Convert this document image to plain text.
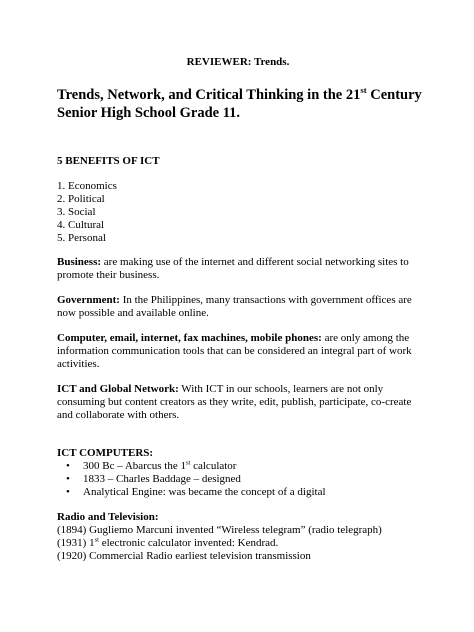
REVIEWER: Trends.

Trends, Network, and Critical Thinking in the 21st Century
Senior High School Grade 11.

5 BENEFITS OF ICT

1. Economics
2. Political
3. Social
4. Cultural
5. Personal

Business: are making use of the internet and different social networking sites to promote their business.

Government: In the Philippines, many transactions with government offices are now possible and available online.

Computer, email, internet, fax machines, mobile phones: are only among the information communication tools that can be considered an integral part of work activities.

ICT and Global Network: With ICT in our schools, learners are not only consuming but content creators as they write, edit, publish, participate, co-create and collaborate with others.

ICT COMPUTERS:

• 300 Bc – Abarcus the 1st calculator
• 1833 – Charles Baddage – designed
• Analytical Engine: was became the concept of a digital

Radio and Television:

(1894) Gugliemo Marcuni invented “Wireless telegram” (radio telegraph)
(1931) 1st electronic calculator invented: Kendrad.
(1920) Commercial Radio earliest television transmission
